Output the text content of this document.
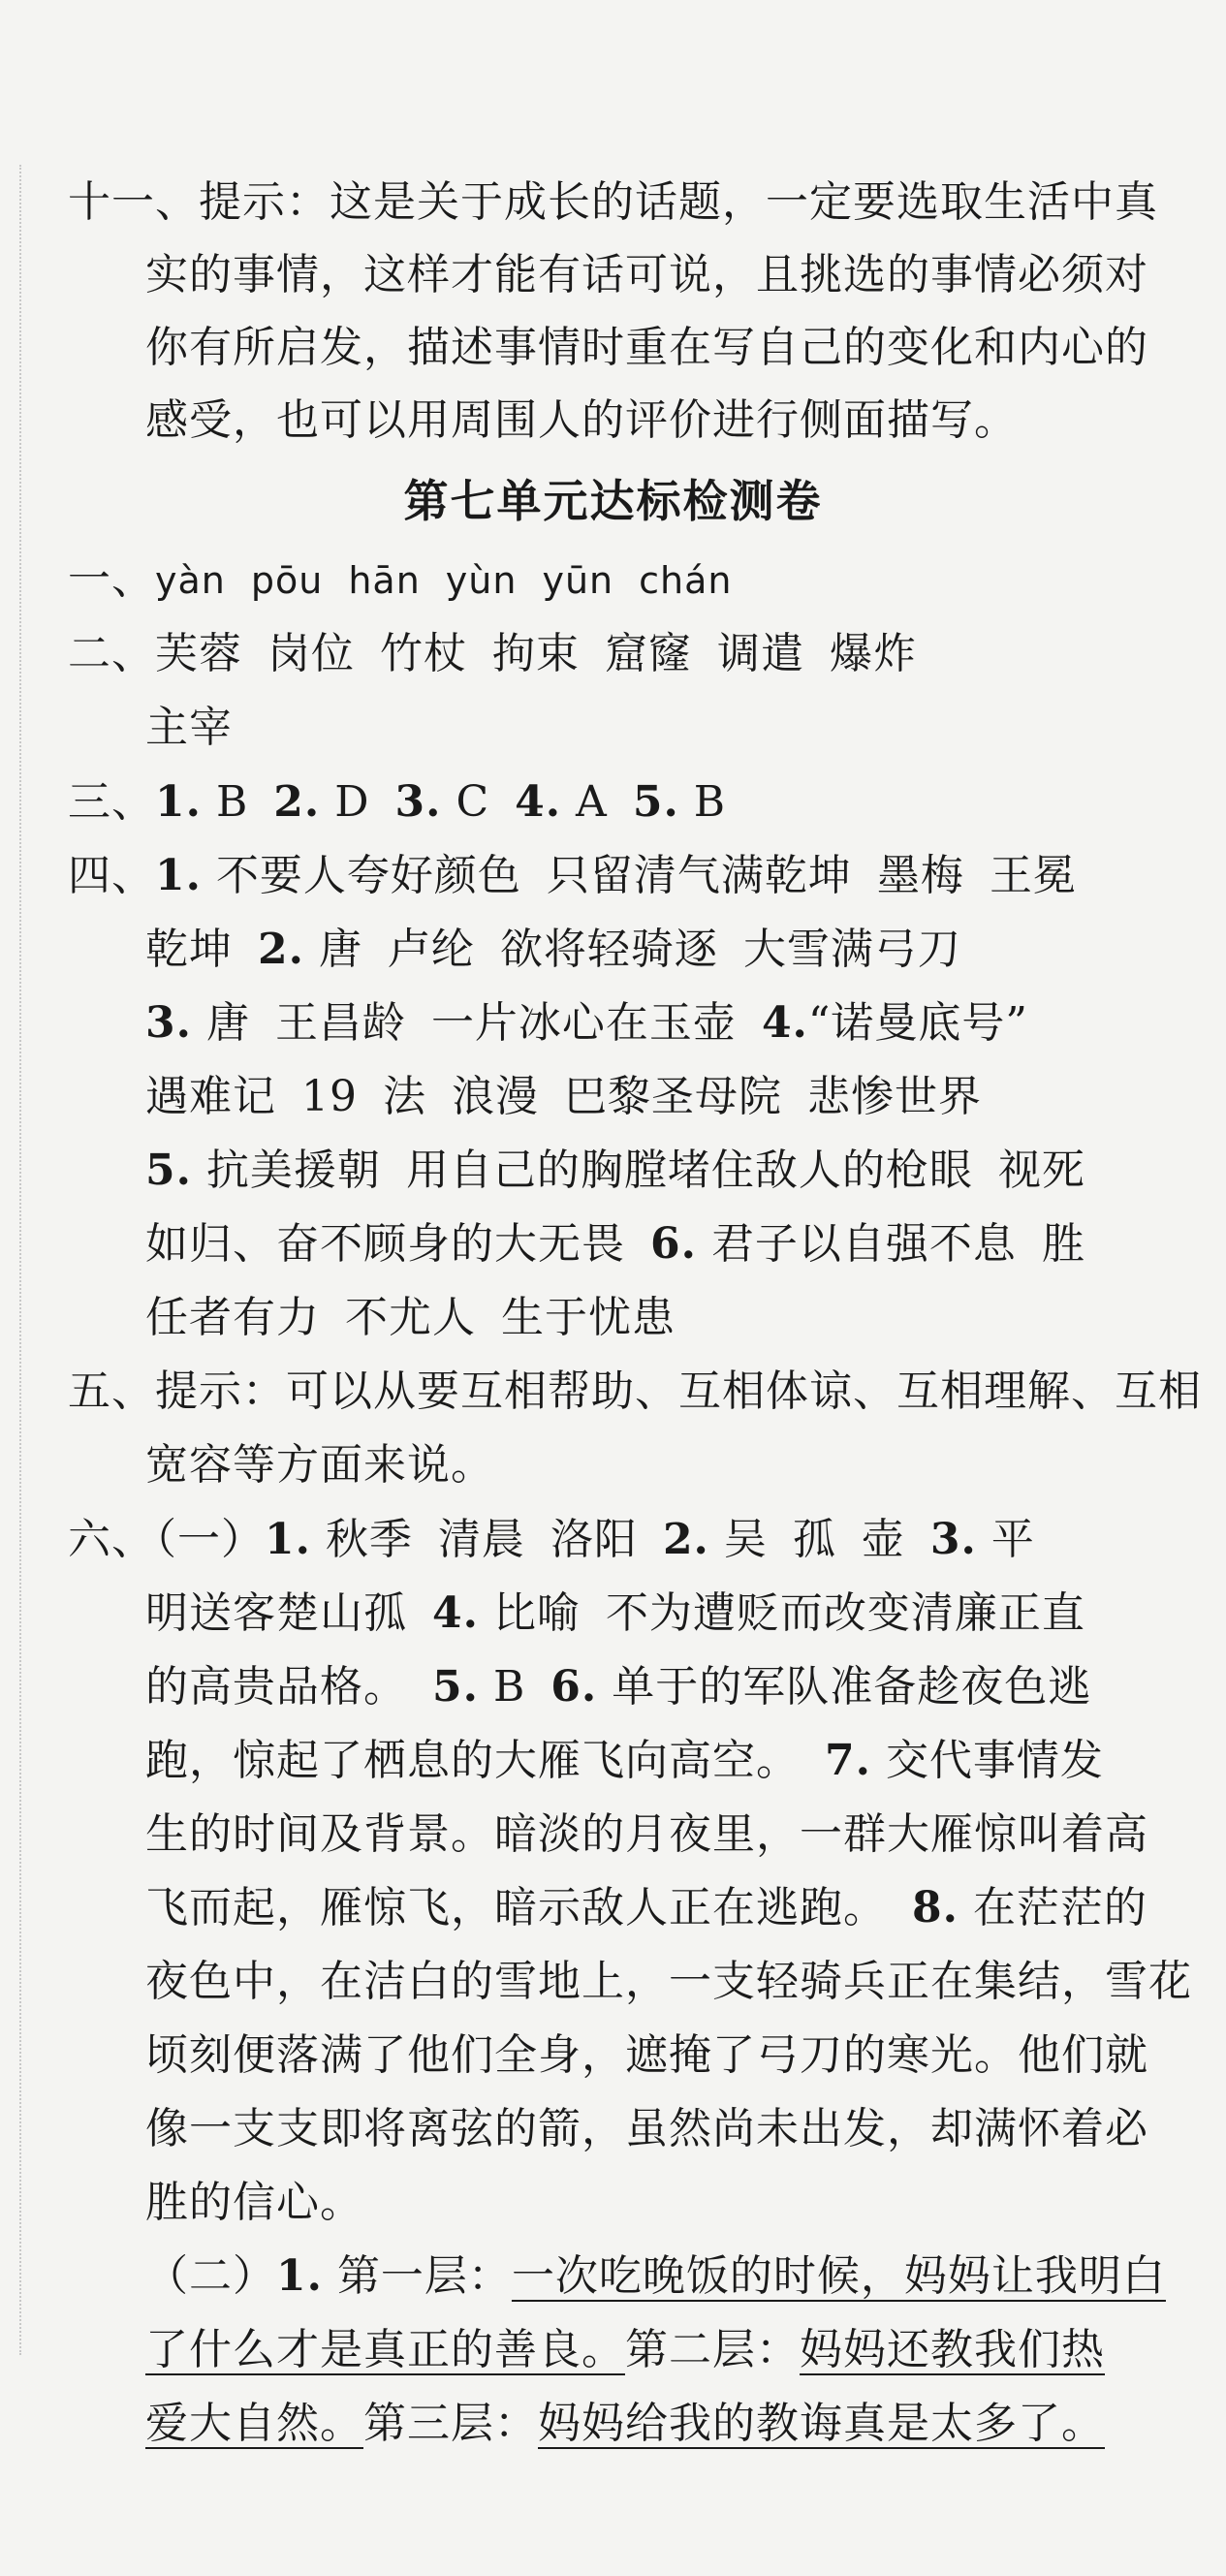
十一、提示：这是关于成长的话题，一定要选取生活中真
实的事情，这样才能有话可说，且挑选的事情必须对
你有所启发，描述事情时重在写自己的变化和内心的
感受，也可以用周围人的评价进行侧面描写。
第七单元达标检测卷
一、yàn pōu hān yùn yūn chán
二、芙蓉 岗位 竹杖 拘束 窟窿 调遣 爆炸
主宰
三、1. B 2. D 3. C 4. A 5. B
四、1. 不要人夸好颜色 只留清气满乾坤 墨梅 王冕
乾坤 2. 唐 卢纶 欲将轻骑逐 大雪满弓刀
3. 唐 王昌龄 一片冰心在玉壶 4.“诺曼底号”
遇难记 19 法 浪漫 巴黎圣母院 悲惨世界
5. 抗美援朝 用自己的胸膛堵住敌人的枪眼 视死
如归、奋不顾身的大无畏 6. 君子以自强不息 胜
任者有力 不尤人 生于忧患
五、提示：可以从要互相帮助、互相体谅、互相理解、互相
宽容等方面来说。
六、（一）1. 秋季 清晨 洛阳 2. 吴 孤 壶 3. 平
明送客楚山孤 4. 比喻 不为遭贬而改变清廉正直
的高贵品格。 5. B 6. 单于的军队准备趁夜色逃
跑，惊起了栖息的大雁飞向高空。 7. 交代事情发
生的时间及背景。暗淡的月夜里，一群大雁惊叫着高
飞而起，雁惊飞，暗示敌人正在逃跑。 8. 在茫茫的
夜色中，在洁白的雪地上，一支轻骑兵正在集结，雪花
顷刻便落满了他们全身，遮掩了弓刀的寒光。他们就
像一支支即将离弦的箭，虽然尚未出发，却满怀着必
胜的信心。
（二）1. 第一层：一次吃晚饭的时候，妈妈让我明白
了什么才是真正的善良。第二层：妈妈还教我们热
爱大自然。第三层：妈妈给我的教诲真是太多了。
